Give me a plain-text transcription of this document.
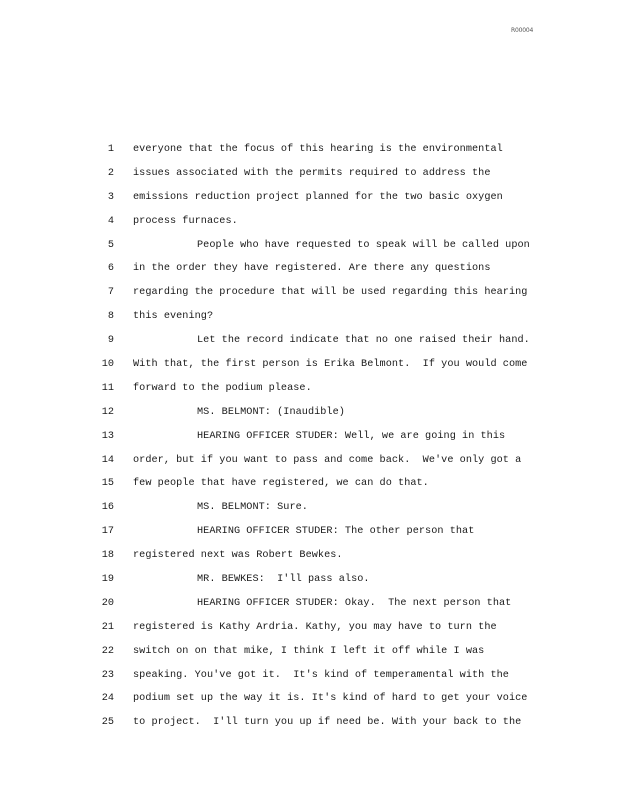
R00004
1 everyone that the focus of this hearing is the environmental
2 issues associated with the permits required to address the
3 emissions reduction project planned for the two basic oxygen
4 process furnaces.
5	People who have requested to speak will be called upon
6 in the order they have registered. Are there any questions
7 regarding the procedure that will be used regarding this hearing
8 this evening?
9	Let the record indicate that no one raised their hand.
10 With that, the first person is Erika Belmont.  If you would come
11 forward to the podium please.
12	MS. BELMONT: (Inaudible)
13	HEARING OFFICER STUDER: Well, we are going in this
14 order, but if you want to pass and come back.  We've only got a
15 few people that have registered, we can do that.
16	MS. BELMONT: Sure.
17	HEARING OFFICER STUDER: The other person that
18 registered next was Robert Bewkes.
19	MR. BEWKES:  I'll pass also.
20	HEARING OFFICER STUDER: Okay.  The next person that
21 registered is Kathy Ardria. Kathy, you may have to turn the
22 switch on on that mike, I think I left it off while I was
23 speaking. You've got it.  It's kind of temperamental with the
24 podium set up the way it is. It's kind of hard to get your voice
25 to project.  I'll turn you up if need be. With your back to the
